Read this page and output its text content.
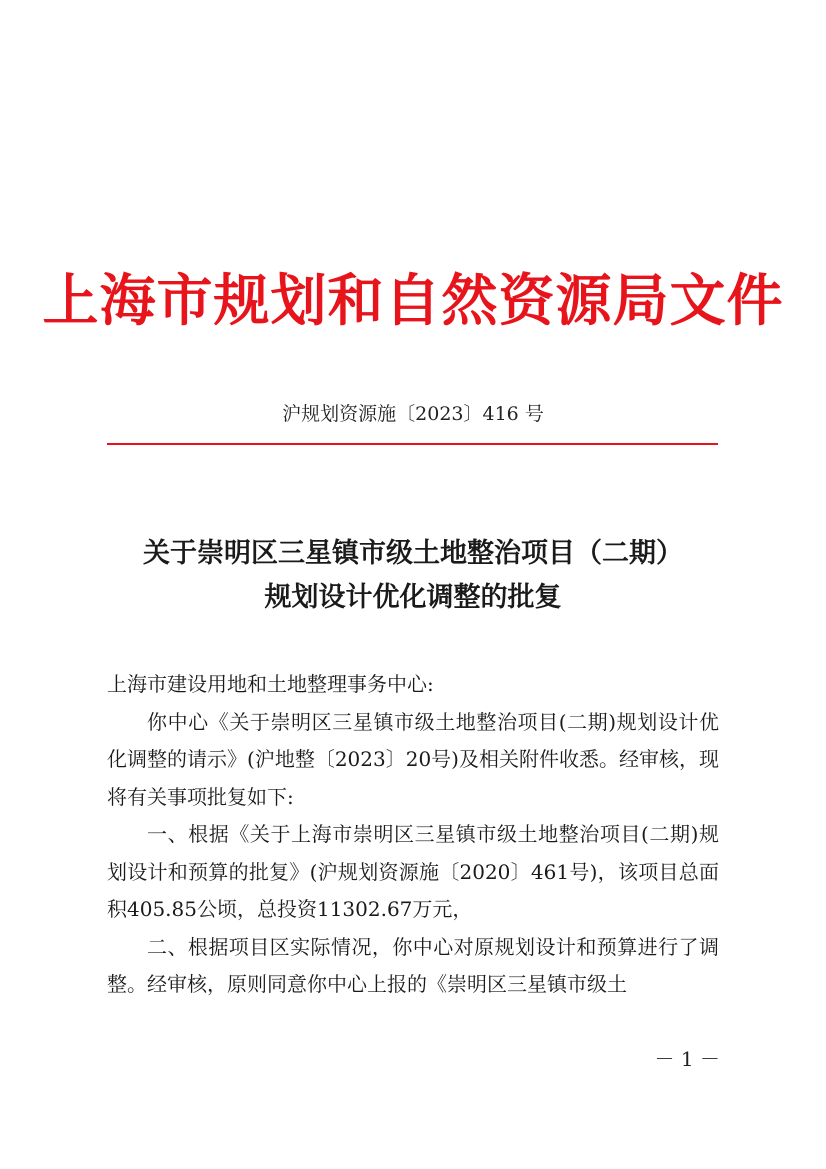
上海市规划和自然资源局文件
沪规划资源施〔2023〕416 号
关于崇明区三星镇市级土地整治项目（二期）
规划设计优化调整的批复

上海市建设用地和土地整理事务中心:

你中心《关于崇明区三星镇市级土地整治项目(二期)规划设计优化调整的请示》(沪地整〔2023〕20号)及相关附件收悉。经审核，现将有关事项批复如下:

一、根据《关于上海市崇明区三星镇市级土地整治项目(二期)规划设计和预算的批复》(沪规划资源施〔2020〕461号)，该项目总面积405.85公顷，总投资11302.67万元，

二、根据项目区实际情况，你中心对原规划设计和预算进行了调整。经审核，原则同意你中心上报的《崇明区三星镇市级土

－ 1 －
